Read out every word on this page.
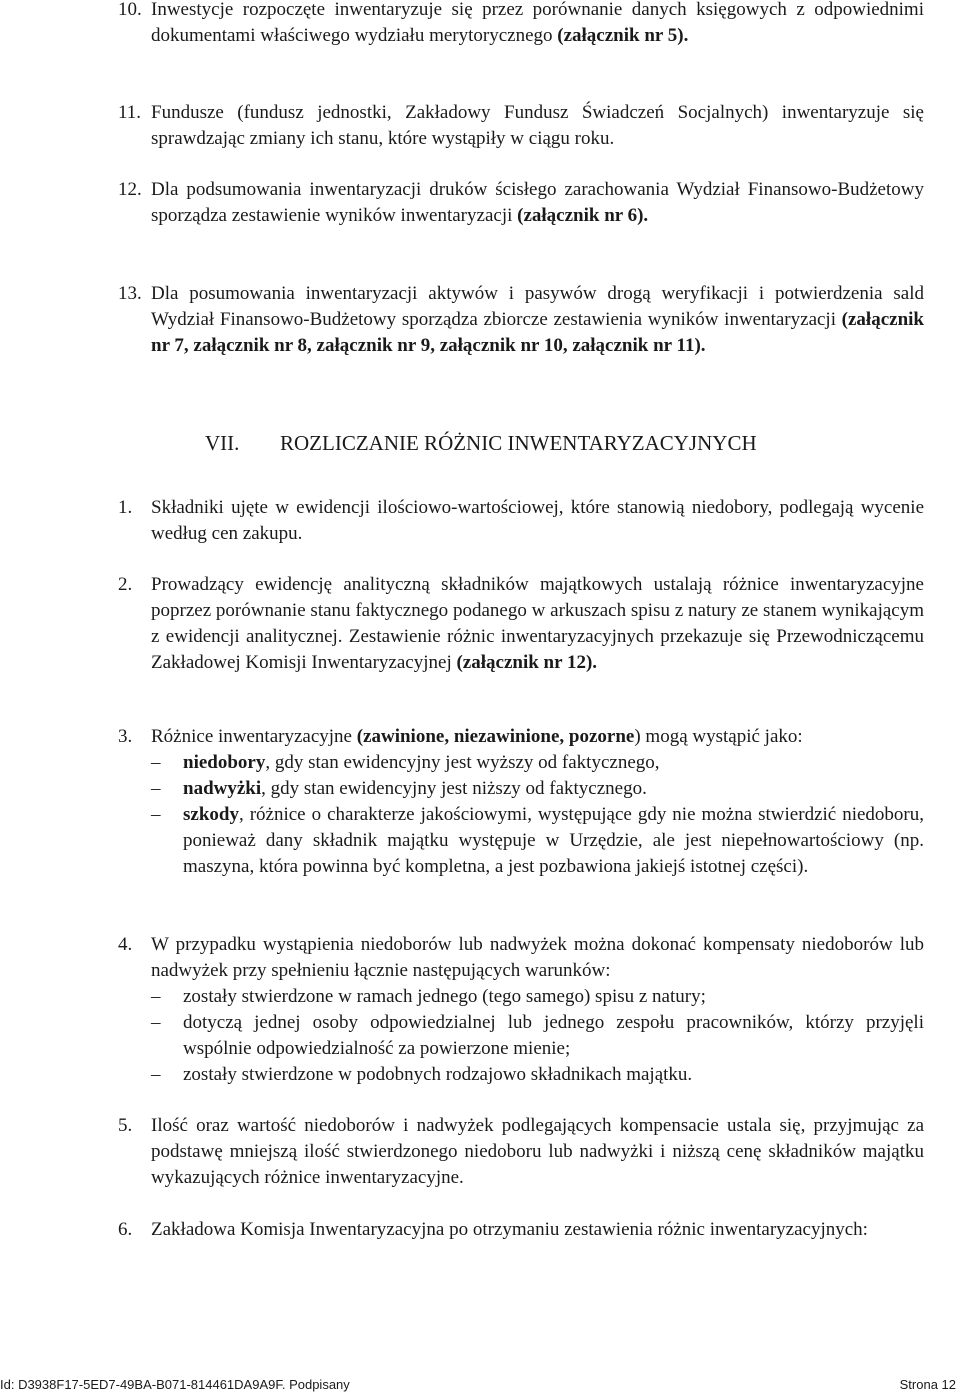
10. Inwestycje rozpoczęte inwentaryzuje się przez porównanie danych księgowych z odpowiednimi dokumentami właściwego wydziału merytorycznego (załącznik nr 5).
11. Fundusze (fundusz jednostki, Zakładowy Fundusz Świadczeń Socjalnych) inwentaryzuje się sprawdzając zmiany ich stanu, które wystąpiły w ciągu roku.
12. Dla podsumowania inwentaryzacji druków ścisłego zarachowania Wydział Finansowo-Budżetowy sporządza zestawienie wyników inwentaryzacji (załącznik nr 6).
13. Dla posumowania inwentaryzacji aktywów i pasywów drogą weryfikacji i potwierdzenia sald Wydział Finansowo-Budżetowy sporządza zbiorcze zestawienia wyników inwentaryzacji (załącznik nr 7, załącznik nr 8, załącznik nr 9, załącznik nr 10, załącznik nr 11).
VII. ROZLICZANIE RÓŻNIC INWENTARYZACYJNYCH
1. Składniki ujęte w ewidencji ilościowo-wartościowej, które stanowią niedobory, podlegają wycenie według cen zakupu.
2. Prowadzący ewidencję analityczną składników majątkowych ustalają różnice inwentaryzacyjne poprzez porównanie stanu faktycznego podanego w arkuszach spisu z natury ze stanem wynikającym z ewidencji analitycznej. Zestawienie różnic inwentaryzacyjnych przekazuje się Przewodniczącemu Zakładowej Komisji Inwentaryzacyjnej (załącznik nr 12).
3. Różnice inwentaryzacyjne (zawinione, niezawinione, pozorne) mogą wystąpić jako:
– niedobory, gdy stan ewidencyjny jest wyższy od faktycznego,
– nadwyżki, gdy stan ewidencyjny jest niższy od faktycznego.
– szkody, różnice o charakterze jakościowymi, występujące gdy nie można stwierdzić niedoboru, ponieważ dany składnik majątku występuje w Urzędzie, ale jest niepełnowartościowy (np. maszyna, która powinna być kompletna, a jest pozbawiona jakiejś istotnej części).
4. W przypadku wystąpienia niedoborów lub nadwyżek można dokonać kompensaty niedoborów lub nadwyżek przy spełnieniu łącznie następujących warunków:
– zostały stwierdzone w ramach jednego (tego samego) spisu z natury;
– dotyczą jednej osoby odpowiedzialnej lub jednego zespołu pracowników, którzy przyjęli wspólnie odpowiedzialność za powierzone mienie;
– zostały stwierdzone w podobnych rodzajowo składnikach majątku.
5. Ilość oraz wartość niedoborów i nadwyżek podlegających kompensacie ustala się, przyjmując za podstawę mniejszą ilość stwierdzonego niedoboru lub nadwyżki i niższą cenę składników majątku wykazujących różnice inwentaryzacyjne.
6. Zakładowa Komisja Inwentaryzacyjna po otrzymaniu zestawienia różnic inwentaryzacyjnych:
Id: D3938F17-5ED7-49BA-B071-814461DA9A9F. Podpisany	Strona 12
